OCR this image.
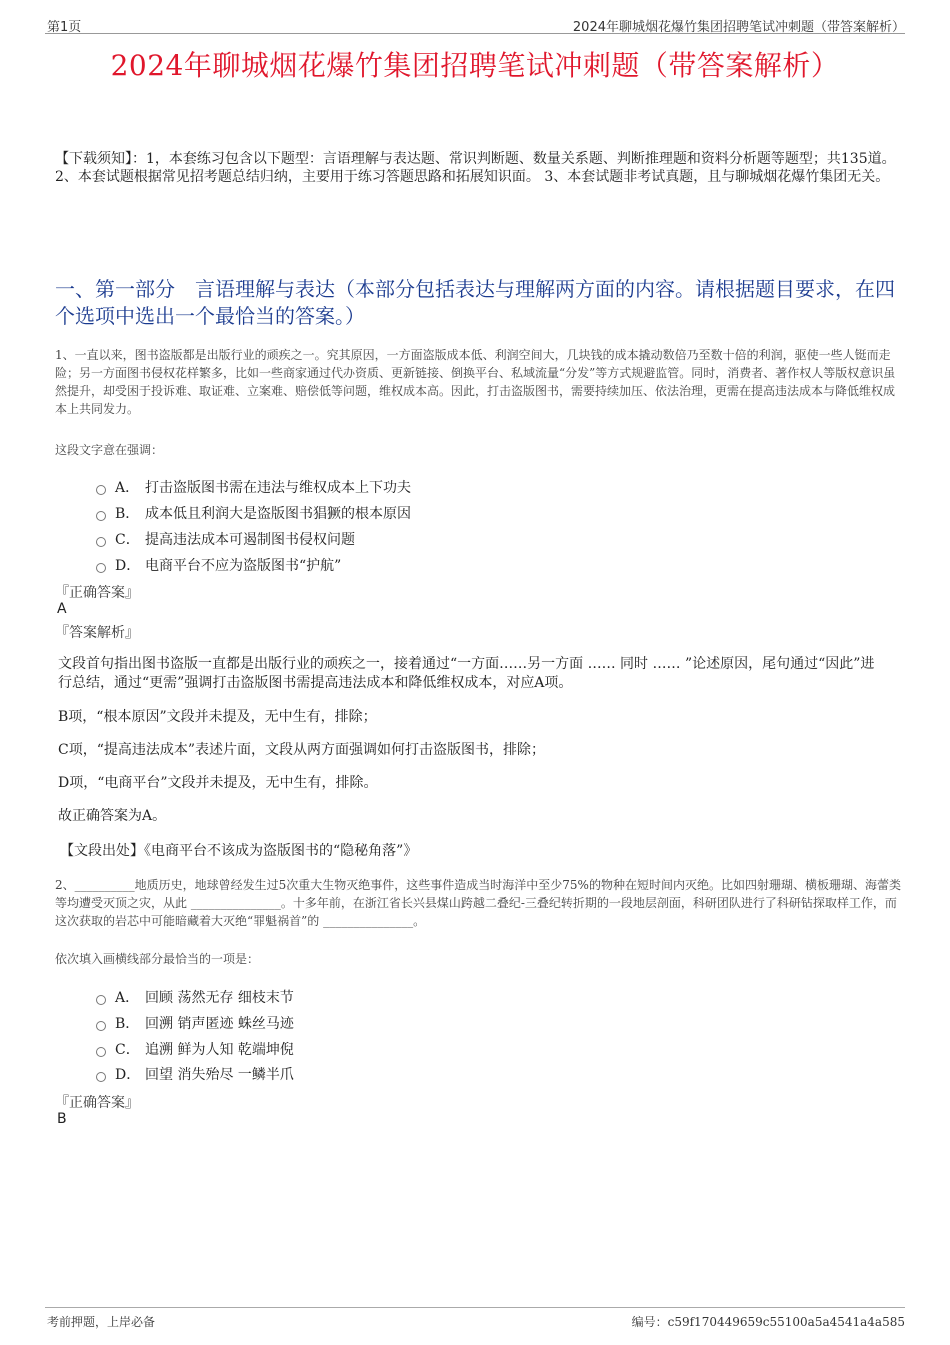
第1页	2024年聊城烟花爆竹集团招聘笔试冲刺题（带答案解析）
2024年聊城烟花爆竹集团招聘笔试冲刺题（带答案解析）
【下载须知】：1，本套练习包含以下题型：言语理解与表达题、常识判断题、数量关系题、判断推理题和资料分析题等题型；共135道。 2、本套试题根据常见招考题总结归纳，主要用于练习答题思路和拓展知识面。 3、本套试题非考试真题，且与聊城烟花爆竹集团无关。
一、第一部分　言语理解与表达（本部分包括表达与理解两方面的内容。请根据题目要求，在四个选项中选出一个最恰当的答案。）
1、一直以来，图书盗版都是出版行业的顽疾之一。究其原因，一方面盗版成本低、利润空间大，几块钱的成本撬动数倍乃至数十倍的利润，驱使一些人铤而走险；另一方面图书侵权花样繁多，比如一些商家通过代办资质、更新链接、倒换平台、私域流量“分发”等方式规避监管。同时，消费者、著作权人等版权意识虽然提升，却受困于投诉难、取证难、立案难、赔偿低等问题，维权成本高。因此，打击盗版图书，需要持续加压、依法治理，更需在提高违法成本与降低维权成本上共同发力。
这段文字意在强调：
A． 打击盗版图书需在违法与维权成本上下功夫
B． 成本低且利润大是盗版图书猖獗的根本原因
C． 提高违法成本可遏制图书侵权问题
D． 电商平台不应为盗版图书“护航”
『正确答案』
A
『答案解析』
文段首句指出图书盗版一直都是出版行业的顽疾之一，接着通过“一方面……另一方面 …… 同时 …… ”论述原因，尾句通过“因此”进行总结，通过“更需”强调打击盗版图书需提高违法成本和降低维权成本，对应A项。
B项，“根本原因”文段并未提及，无中生有，排除；
C项，“提高违法成本”表述片面，文段从两方面强调如何打击盗版图书，排除；
D项，“电商平台”文段并未提及，无中生有，排除。
故正确答案为A。
【文段出处】《电商平台不该成为盗版图书的“隐秘角落”》
2、__________地质历史，地球曾经发生过5次重大生物灭绝事件，这些事件造成当时海洋中至少75%的物种在短时间内灭绝。比如四射珊瑚、横板珊瑚、海蕾类等均遭受灭顶之灾，从此 _______________。十多年前，在浙江省长兴县煤山跨越二叠纪-三叠纪转折期的一段地层剖面，科研团队进行了科研钻探取样工作，而这次获取的岩芯中可能暗藏着大灭绝“罪魁祸首”的 _______________。
依次填入画横线部分最恰当的一项是：
A． 回顾 荡然无存 细枝末节
B． 回溯 销声匿迹 蛛丝马迹
C． 追溯 鲜为人知 乾端坤倪
D． 回望 消失殆尽 一鳞半爪
『正确答案』
B
考前押题，上岸必备	编号：c59f170449659c55100a5a4541a4a585
